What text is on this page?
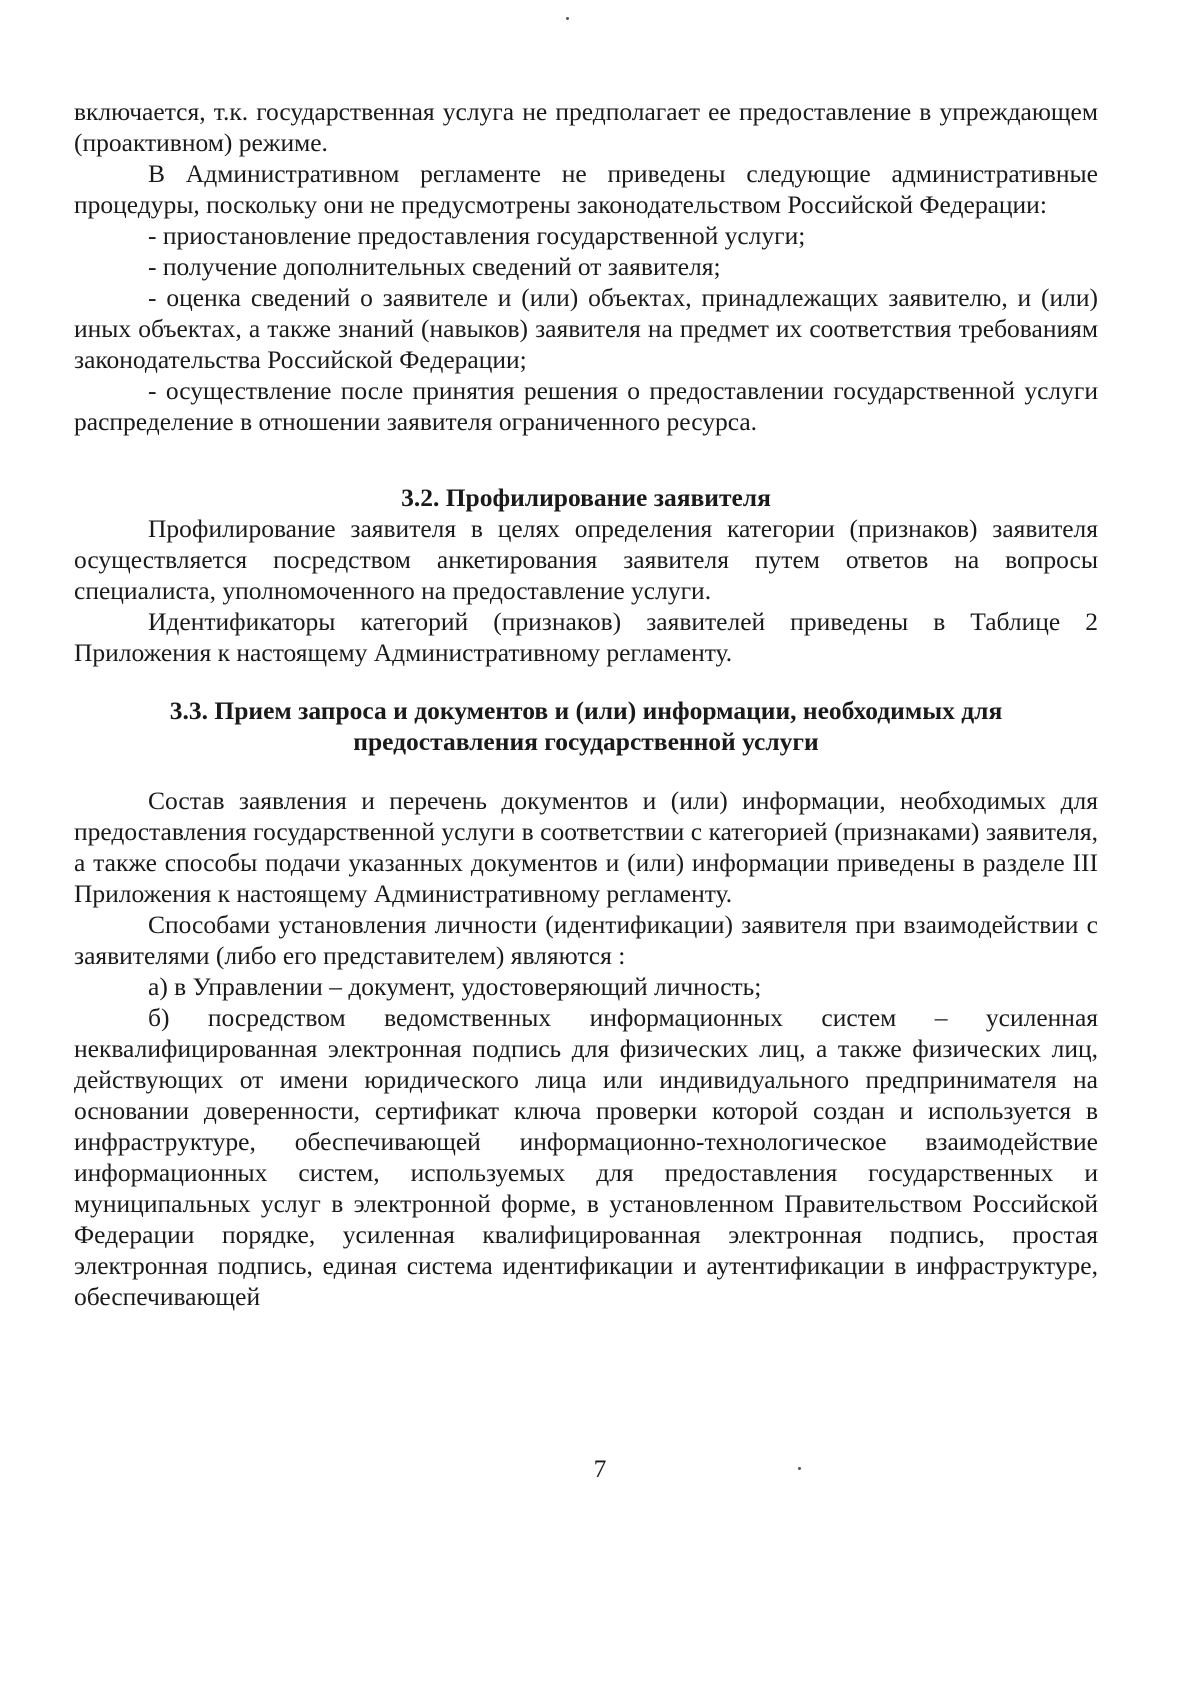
включается, т.к. государственная услуга не предполагает ее предоставление в упреждающем (проактивном) режиме.

В Административном регламенте не приведены следующие административные процедуры, поскольку они не предусмотрены законодательством Российской Федерации:

- приостановление предоставления государственной услуги;

- получение дополнительных сведений от заявителя;

- оценка сведений о заявителе и (или) объектах, принадлежащих заявителю, и (или) иных объектах, а также знаний (навыков) заявителя на предмет их соответствия требованиям законодательства Российской Федерации;

- осуществление после принятия решения о предоставлении государственной услуги распределение в отношении заявителя ограниченного ресурса.

3.2. Профилирование заявителя

Профилирование заявителя в целях определения категории (признаков) заявителя осуществляется посредством анкетирования заявителя путем ответов на вопросы специалиста, уполномоченного на предоставление услуги.

Идентификаторы категорий (признаков) заявителей приведены в Таблице 2 Приложения к настоящему Административному регламенту.

3.3. Прием запроса и документов и (или) информации, необходимых для

предоставления государственной услуги

Состав заявления и перечень документов и (или) информации, необходимых для предоставления государственной услуги в соответствии с категорией (признаками) заявителя, а также способы подачи указанных документов и (или) информации приведены в разделе III Приложения к настоящему Административному регламенту.

Способами установления личности (идентификации) заявителя при взаимодействии с заявителями (либо его представителем) являются :

а) в Управлении – документ, удостоверяющий личность;

б) посредством ведомственных информационных систем – усиленная неквалифицированная электронная подпись для физических лиц, а также физических лиц, действующих от имени юридического лица или индивидуального предпринимателя на основании доверенности, сертификат ключа проверки которой создан и используется в инфраструктуре, обеспечивающей информационно-технологическое взаимодействие информационных систем, используемых для предоставления государственных и муниципальных услуг в электронной форме, в установленном Правительством Российской Федерации порядке, усиленная квалифицированная электронная подпись, простая электронная подпись, единая система идентификации и аутентификации в инфраструктуре, обеспечивающей

7
